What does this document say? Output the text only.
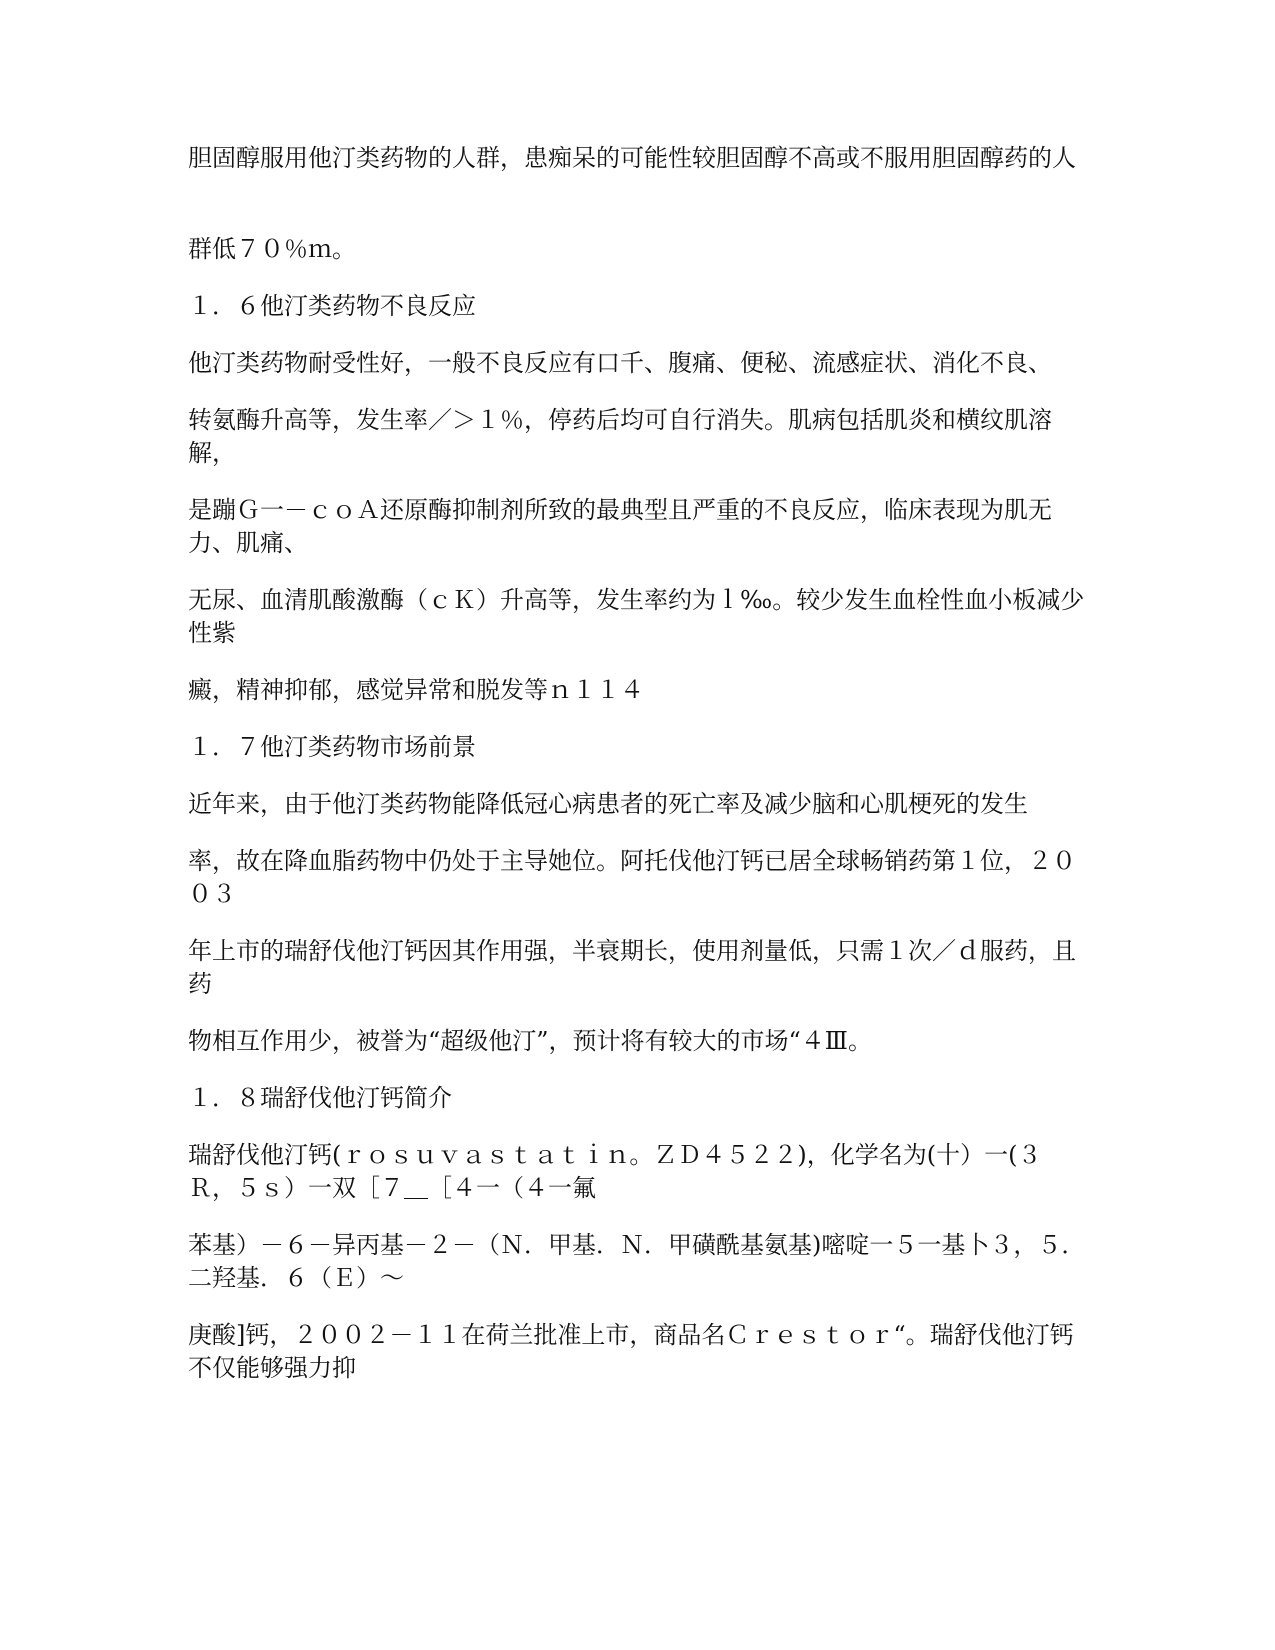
胆固醇服用他汀类药物的人群，患痴呆的可能性较胆固醇不高或不服用胆固醇药的人

群低７０％ｍ。

１．６他汀类药物不良反应

他汀类药物耐受性好，一般不良反应有口千、腹痛、便秘、流感症状、消化不良、

转氨酶升高等，发生率／＞１％，停药后均可自行消失。肌病包括肌炎和横纹肌溶解，

是蹦Ｇ一－ｃｏＡ还原酶抑制剂所致的最典型且严重的不良反应，临床表现为肌无力、肌痛、

无尿、血清肌酸激酶（ｃＫ）升高等，发生率约为ｌ‰。较少发生血栓性血小板减少性紫

癜，精神抑郁，感觉异常和脱发等ｎ１１４

１．７他汀类药物市场前景

近年来，由于他汀类药物能降低冠心病患者的死亡率及减少脑和心肌梗死的发生

率，故在降血脂药物中仍处于主导她位。阿托伐他汀钙已居全球畅销药第１位，２００３

年上市的瑞舒伐他汀钙因其作用强，半衰期长，使用剂量低，只需１次／ｄ服药，且药

物相互作用少，被誉为“超级他汀”，预计将有较大的市场“４Ⅲ。

１．８瑞舒伐他汀钙简介

瑞舒伐他汀钙(ｒｏｓｕｖａｓｔａｔｉｎ。ＺＤ４５２２)，化学名为(十）一(３Ｒ，５ｓ）一双［７＿［４一（４一氟

苯基）－６－异丙基－２－（Ｎ．甲基．Ｎ．甲磺酰基氨基)嘧啶一５一基卜３，５．二羟基．６（Ｅ）～

庚酸]钙，２００２－１１在荷兰批准上市，商品名Ｃｒｅｓｔｏｒ“。瑞舒伐他汀钙不仅能够强力抑
